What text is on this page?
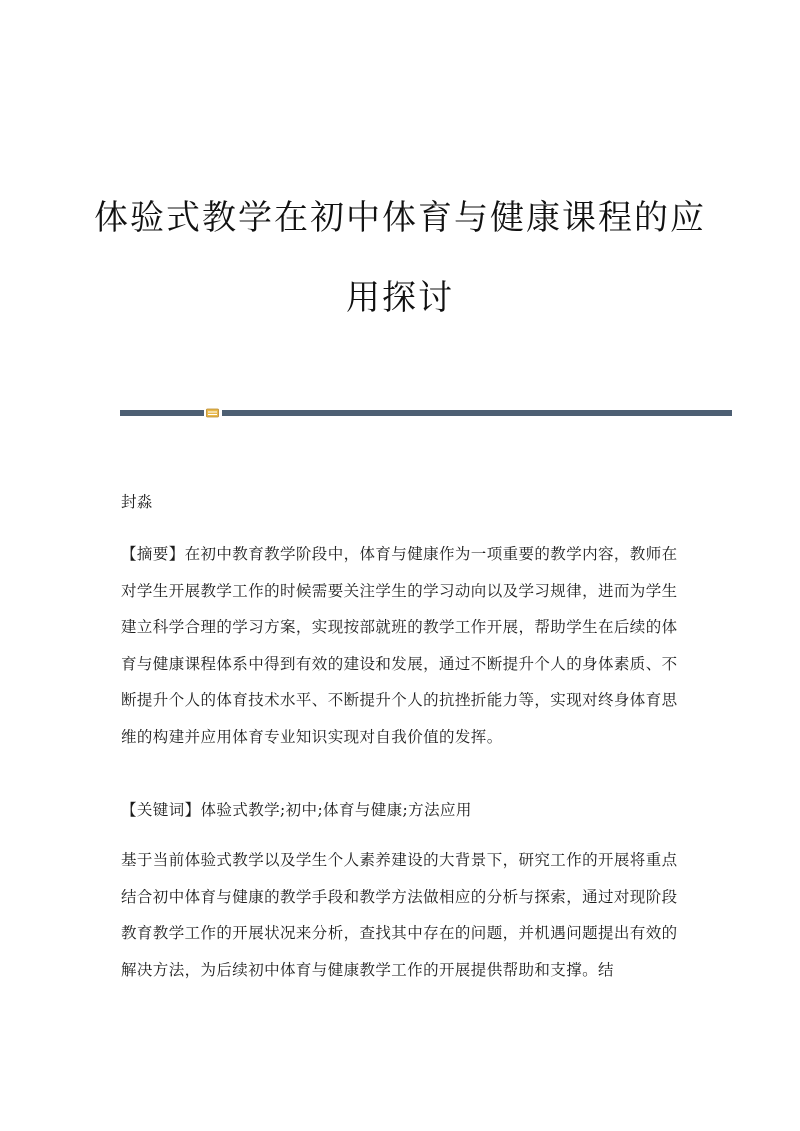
体验式教学在初中体育与健康课程的应
用探讨

封淼

【摘要】在初中教育教学阶段中，体育与健康作为一项重要的教学内容，教师在对学生开展教学工作的时候需要关注学生的学习动向以及学习规律，进而为学生建立科学合理的学习方案，实现按部就班的教学工作开展，帮助学生在后续的体育与健康课程体系中得到有效的建设和发展，通过不断提升个人的身体素质、不断提升个人的体育技术水平、不断提升个人的抗挫折能力等，实现对终身体育思维的构建并应用体育专业知识实现对自我价值的发挥。

【关键词】体验式教学;初中;体育与健康;方法应用

基于当前体验式教学以及学生个人素养建设的大背景下，研究工作的开展将重点结合初中体育与健康的教学手段和教学方法做相应的分析与探索，通过对现阶段教育教学工作的开展状况来分析，查找其中存在的问题，并机遇问题提出有效的解决方法，为后续初中体育与健康教学工作的开展提供帮助和支撑。结
